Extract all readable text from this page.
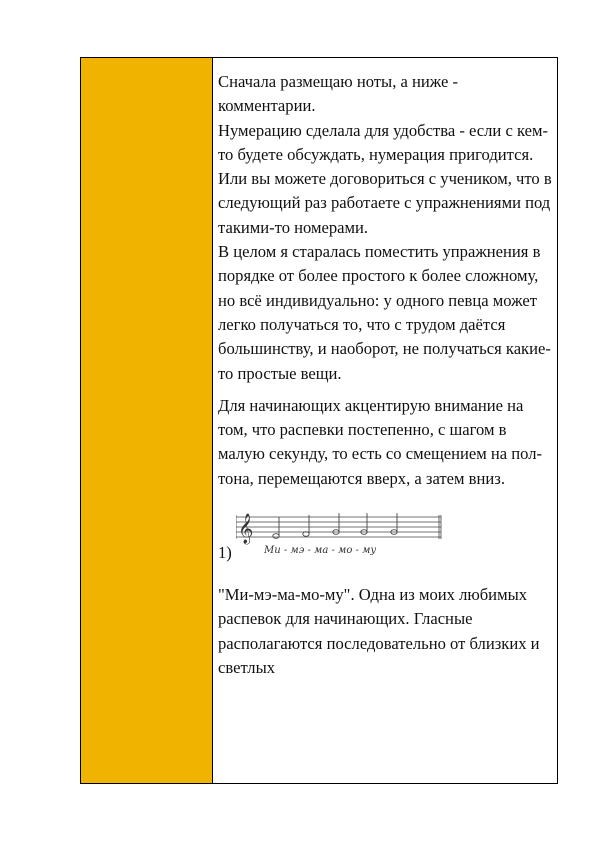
Сначала размещаю ноты, а ниже - комментарии.

Нумерацию сделала для удобства - если с кем-то будете обсуждать, нумерация пригодится. Или вы можете договориться с учеником, что в следующий раз работаете с упражнениями под такими-то номерами.

В целом я старалась поместить упражнения в порядке от более простого к более сложному, но всё индивидуально: у одного певца может легко получаться то, что с трудом даётся большинству, и наоборот, не получаться какие-то простые вещи.

Для начинающих акцентирую внимание на том, что распевки постепенно, с шагом в малую секунду, то есть со смещением на пол-тона, перемещаются вверх, а затем вниз.

1)
𝄞
Ми - мэ - ма - мо - му

"Ми-мэ-ма-мо-му". Одна из моих любимых распевок для начинающих. Гласные располагаются последовательно от близких и светлых
